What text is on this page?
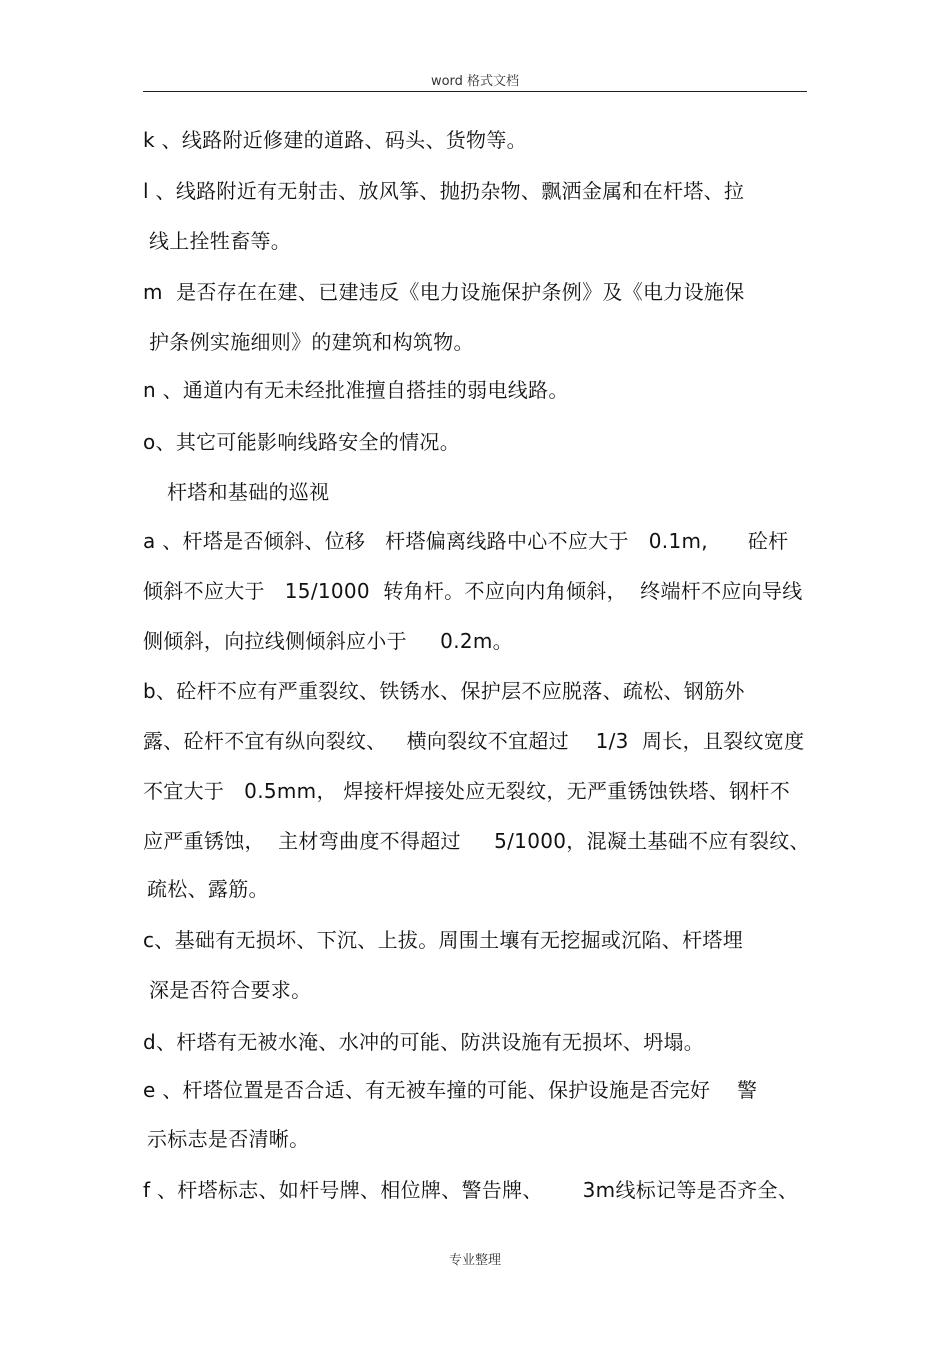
word 格式文档
k 、线路附近修建的道路、码头、货物等。
l 、线路附近有无射击、放风筝、抛扔杂物、飘洒金属和在杆塔、拉
线上拴牲畜等。
m  是否存在在建、已建违反《电力设施保护条例》及《电力设施保
护条例实施细则》的建筑和构筑物。
n 、通道内有无未经批准擅自搭挂的弱电线路。
o、其它可能影响线路安全的情况。
杆塔和基础的巡视
a 、杆塔是否倾斜、位移   杆塔偏离线路中心不应大于   0.1m,      砼杆
倾斜不应大于   15/1000  转角杆。不应向内角倾斜，  终端杆不应向导线
侧倾斜，向拉线侧倾斜应小于     0.2m。
b、砼杆不应有严重裂纹、铁锈水、保护层不应脱落、疏松、钢筋外
露、砼杆不宜有纵向裂纹、   横向裂纹不宜超过    1/3  周长，且裂纹宽度
不宜大于   0.5mm， 焊接杆焊接处应无裂纹，无严重锈蚀铁塔、钢杆不
应严重锈蚀，  主材弯曲度不得超过     5/1000，混凝土基础不应有裂纹、
疏松、露筋。
c、基础有无损坏、下沉、上拔。周围土壤有无挖掘或沉陷、杆塔埋
深是否符合要求。
d、杆塔有无被水淹、水冲的可能、防洪设施有无损坏、坍塌。
e 、杆塔位置是否合适、有无被车撞的可能、保护设施是否完好    警
示标志是否清晰。
f 、杆塔标志、如杆号牌、相位牌、警告牌、      3m线标记等是否齐全、
专业整理
